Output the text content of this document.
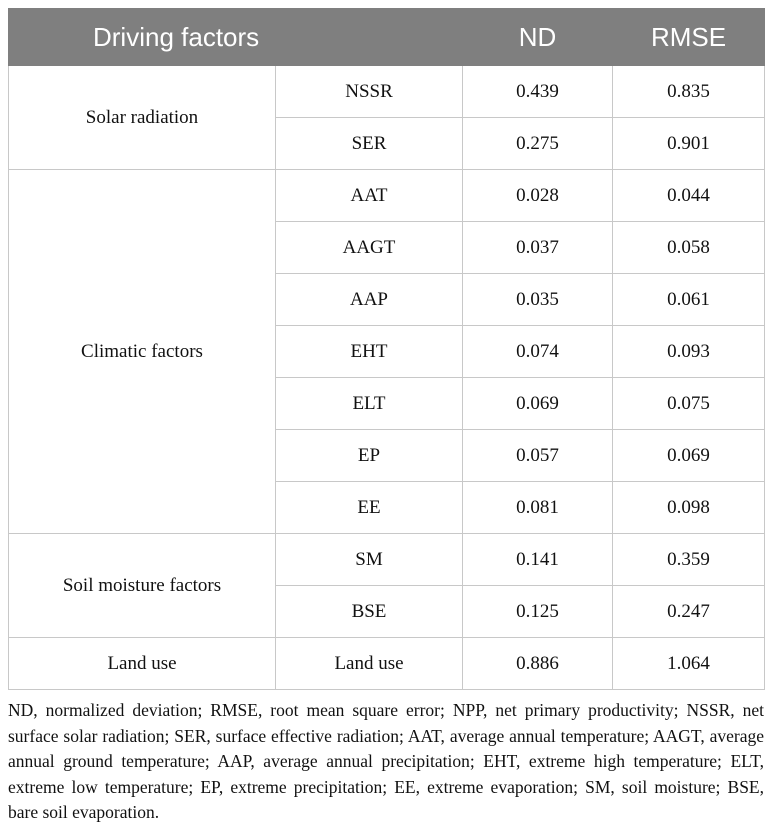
Driving factors		ND	RMSE
Solar radiation	NSSR	0.439	0.835
	SER	0.275	0.901
Climatic factors	AAT	0.028	0.044
	AAGT	0.037	0.058
	AAP	0.035	0.061
	EHT	0.074	0.093
	ELT	0.069	0.075
	EP	0.057	0.069
	EE	0.081	0.098
Soil moisture factors	SM	0.141	0.359
	BSE	0.125	0.247
Land use	Land use	0.886	1.064
ND, normalized deviation; RMSE, root mean square error; NPP, net primary productivity; NSSR, net surface solar radiation; SER, surface effective radiation; AAT, average annual temperature; AAGT, average annual ground temperature; AAP, average annual precipitation; EHT, extreme high temperature; ELT, extreme low temperature; EP, extreme precipitation; EE, extreme evaporation; SM, soil moisture; BSE, bare soil evaporation.
